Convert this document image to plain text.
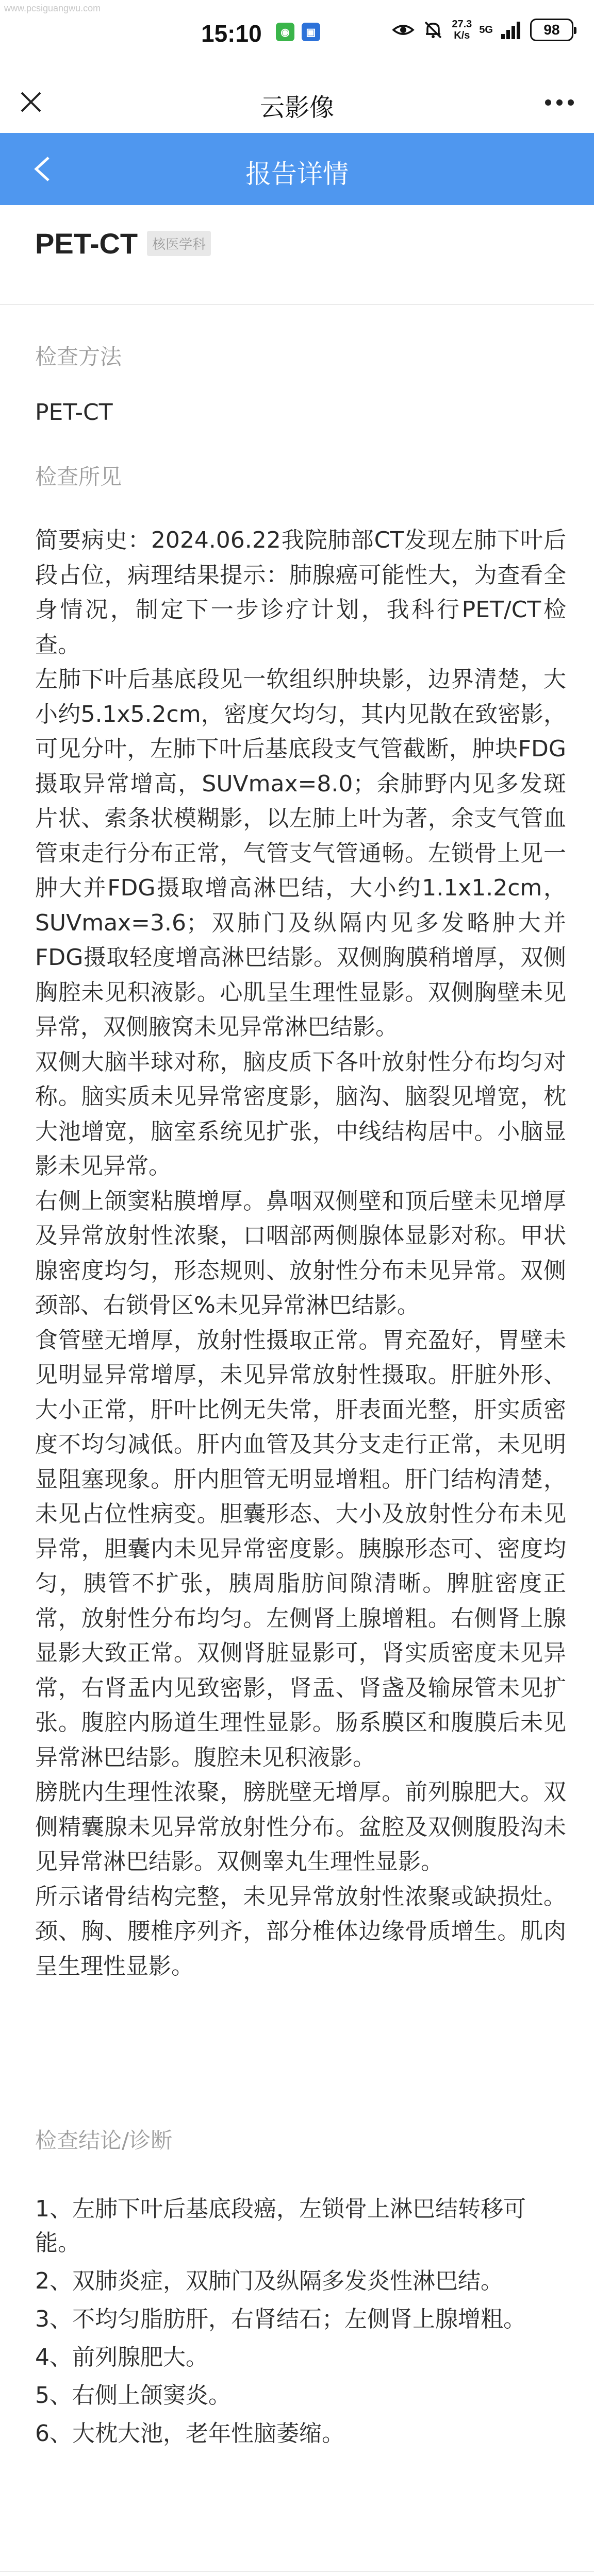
www.pcsiguangwu.com
15:10	◉	▣
27.3
K/s 5G	98
云影像
报告详情
PET-CT	核医学科
检查方法
PET-CT
检查所见

简要病史：2024.06.22我院肺部CT发现左肺下叶后段占位，病理结果提示：肺腺癌可能性大，为查看全身情况，制定下一步诊疗计划，我科行PET/CT检查。

左肺下叶后基底段见一软组织肿块影，边界清楚，大小约5.1x5.2cm，密度欠均匀，其内见散在致密影，可见分叶，左肺下叶后基底段支气管截断，肿块FDG摄取异常增高，SUVmax=8.0；余肺野内见多发斑片状、索条状模糊影，以左肺上叶为著，余支气管血管束走行分布正常，气管支气管通畅。左锁骨上见一肿大并FDG摄取增高淋巴结，大小约1.1x1.2cm，SUVmax=3.6；双肺门及纵隔内见多发略肿大并FDG摄取轻度增高淋巴结影。双侧胸膜稍增厚，双侧胸腔未见积液影。心肌呈生理性显影。双侧胸壁未见异常，双侧腋窝未见异常淋巴结影。

双侧大脑半球对称，脑皮质下各叶放射性分布均匀对称。脑实质未见异常密度影，脑沟、脑裂见增宽，枕大池增宽，脑室系统见扩张，中线结构居中。小脑显影未见异常。

右侧上颌窦粘膜增厚。鼻咽双侧壁和顶后壁未见增厚及异常放射性浓聚，口咽部两侧腺体显影对称。甲状腺密度均匀，形态规则、放射性分布未见异常。双侧颈部、右锁骨区%未见异常淋巴结影。

食管壁无增厚，放射性摄取正常。胃充盈好，胃壁未见明显异常增厚，未见异常放射性摄取。肝脏外形、大小正常，肝叶比例无失常，肝表面光整，肝实质密度不均匀减低。肝内血管及其分支走行正常，未见明显阻塞现象。肝内胆管无明显增粗。肝门结构清楚，未见占位性病变。胆囊形态、大小及放射性分布未见异常，胆囊内未见异常密度影。胰腺形态可、密度均匀，胰管不扩张，胰周脂肪间隙清晰。脾脏密度正常，放射性分布均匀。左侧肾上腺增粗。右侧肾上腺显影大致正常。双侧肾脏显影可，肾实质密度未见异常，右肾盂内见致密影，肾盂、肾盏及输尿管未见扩张。腹腔内肠道生理性显影。肠系膜区和腹膜后未见异常淋巴结影。腹腔未见积液影。

膀胱内生理性浓聚，膀胱壁无增厚。前列腺肥大。双侧精囊腺未见异常放射性分布。盆腔及双侧腹股沟未见异常淋巴结影。双侧睾丸生理性显影。

所示诸骨结构完整，未见异常放射性浓聚或缺损灶。颈、胸、腰椎序列齐，部分椎体边缘骨质增生。肌肉呈生理性显影。

检查结论/诊断

1、左肺下叶后基底段癌，左锁骨上淋巴结转移可能。

2、双肺炎症，双肺门及纵隔多发炎性淋巴结。

3、不均匀脂肪肝，右肾结石；左侧肾上腺增粗。

4、前列腺肥大。

5、右侧上颌窦炎。

6、大枕大池，老年性脑萎缩。
